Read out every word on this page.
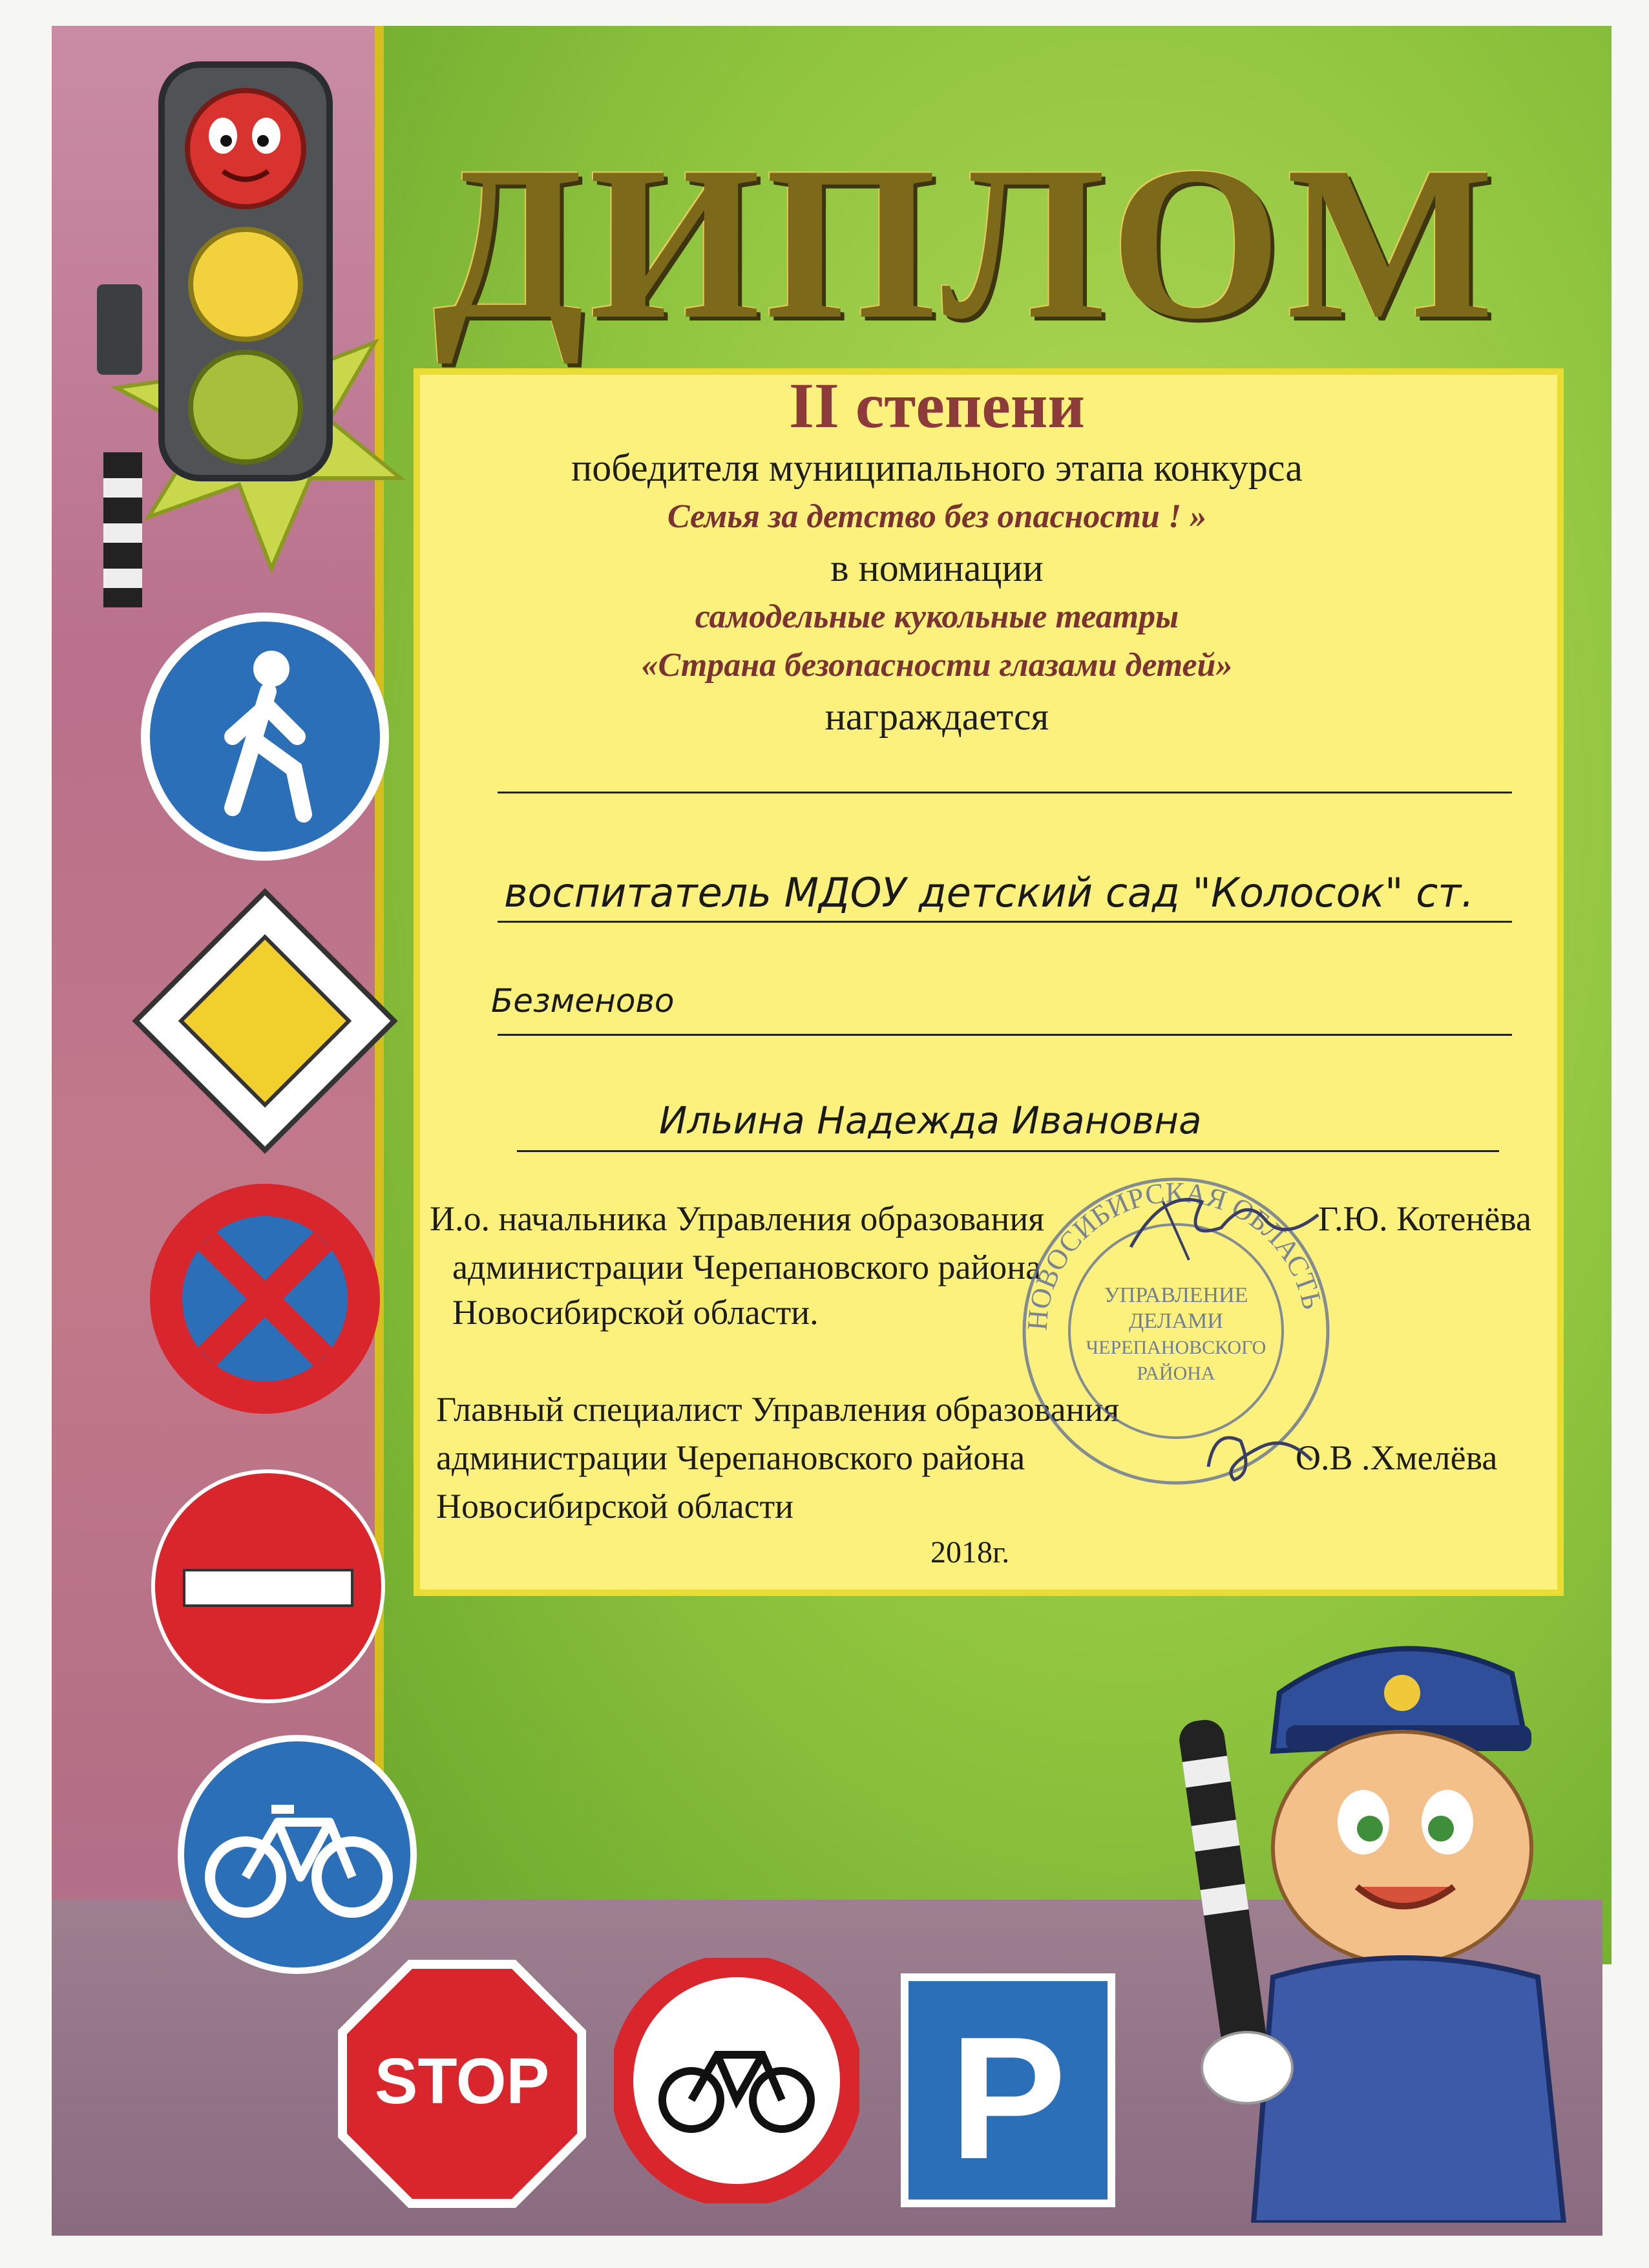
STOP P
ДИПЛОМ
II степени
победителя муниципального этапа конкурса
Семья за детство без опасности ! »
в номинации
самодельные кукольные театры
«Страна безопасности глазами детей»
награждается
воспитатель МДОУ детский сад "Колосок" ст.
Безменово
Ильина Надежда Ивановна
И.о. начальника Управления образования
администрации Черепановского района
Новосибирской области.
Г.Ю. Котенёва
Главный специалист Управления образования
администрации Черепановского района
Новосибирской области
О.В .Хмелёва
2018г.
НОВОСИБИРСКАЯ ОБЛАСТЬ
УПРАВЛЕНИЕ
ДЕЛАМИ
ЧЕРЕПАНОВСКОГО
РАЙОНА
